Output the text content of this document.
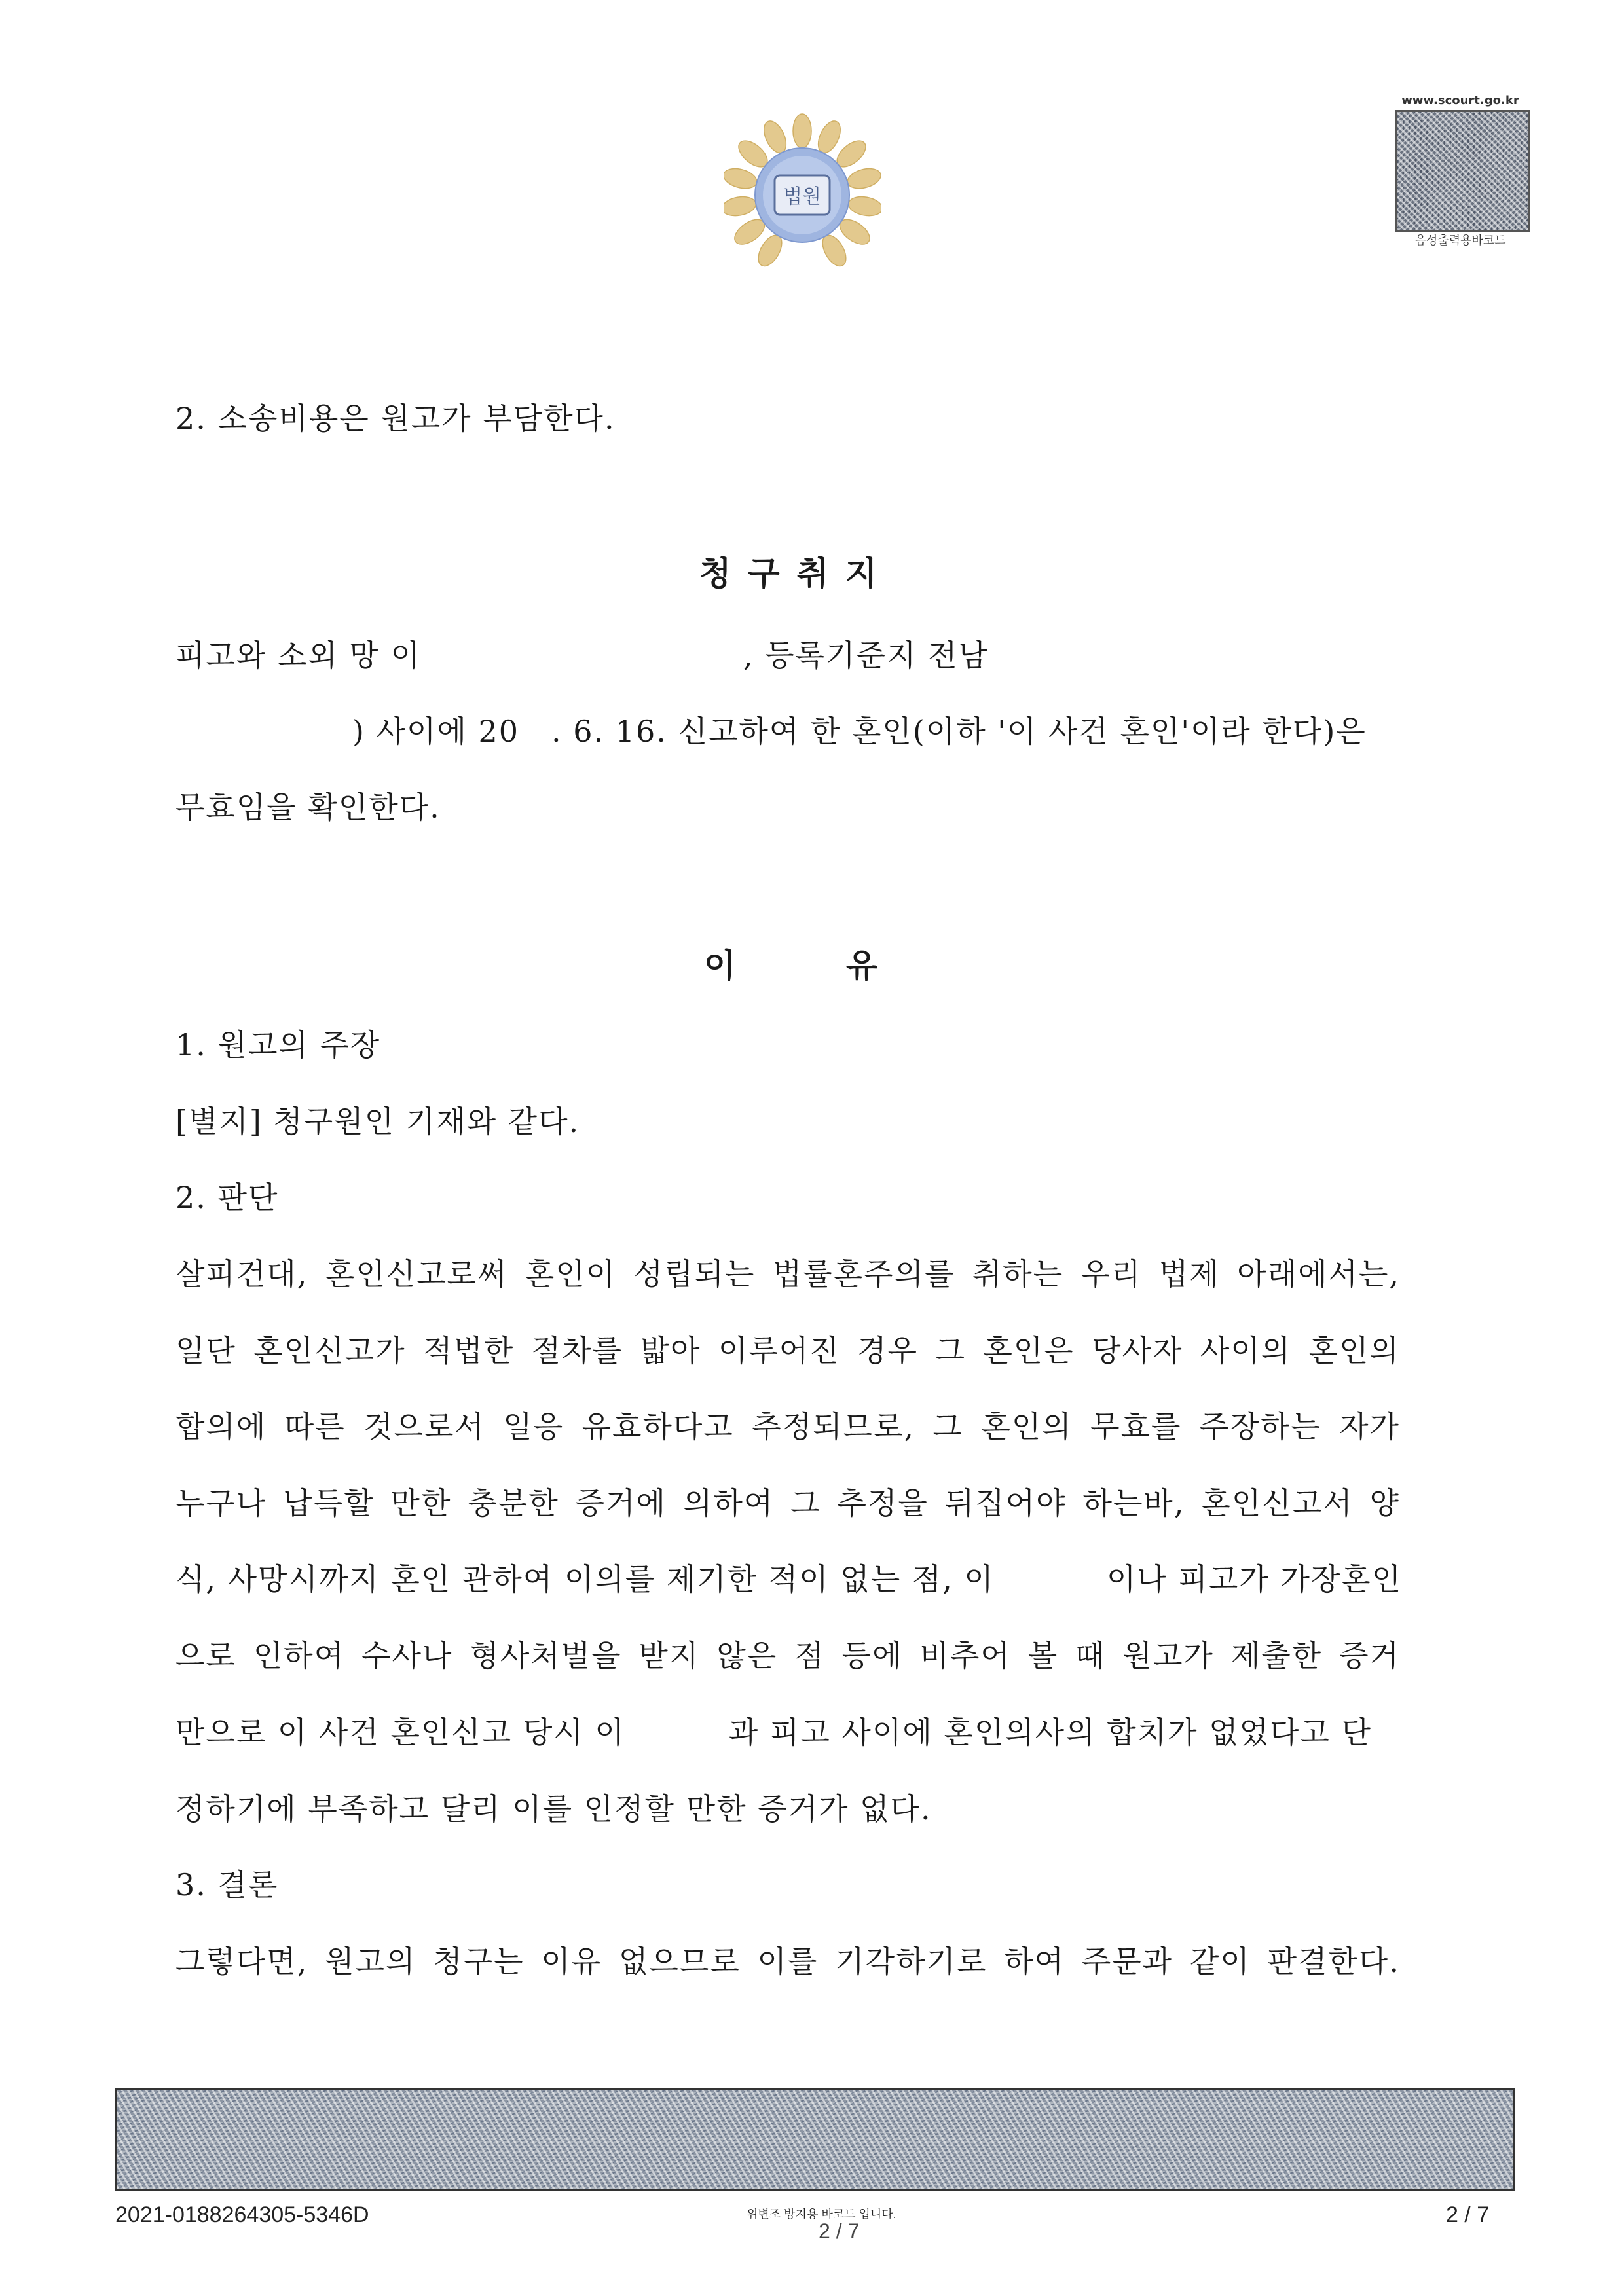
법원
www.scourt.go.kr
음성출력용바코드
2. 소송비용은 원고가 부담한다.
청구취지
피고와 소외 망 이	, 등록기준지 전남
) 사이에 20 . 6. 16. 신고하여 한 혼인(이하 '이 사건 혼인'이라 한다)은
무효임을 확인한다.
이	유
1. 원고의 주장
[별지] 청구원인 기재와 같다.
2. 판단
살피건대, 혼인신고로써 혼인이 성립되는 법률혼주의를 취하는 우리 법제 아래에서는,
일단 혼인신고가 적법한 절차를 밟아 이루어진 경우 그 혼인은 당사자 사이의 혼인의
합의에 따른 것으로서 일응 유효하다고 추정되므로, 그 혼인의 무효를 주장하는 자가
누구나 납득할 만한 충분한 증거에 의하여 그 추정을 뒤집어야 하는바, 혼인신고서 양
식, 사망시까지 혼인 관하여 이의를 제기한 적이 없는 점, 이	이나 피고가 가장혼인
으로 인하여 수사나 형사처벌을 받지 않은 점 등에 비추어 볼 때 원고가 제출한 증거
만으로 이 사건 혼인신고 당시 이	과 피고 사이에 혼인의사의 합치가 없었다고 단
정하기에 부족하고 달리 이를 인정할 만한 증거가 없다.
3. 결론
그렇다면, 원고의 청구는 이유 없으므로 이를 기각하기로 하여 주문과 같이 판결한다.
2021-0188264305-5346D	위변조 방지용 바코드 입니다.
2 / 7
2 / 7
